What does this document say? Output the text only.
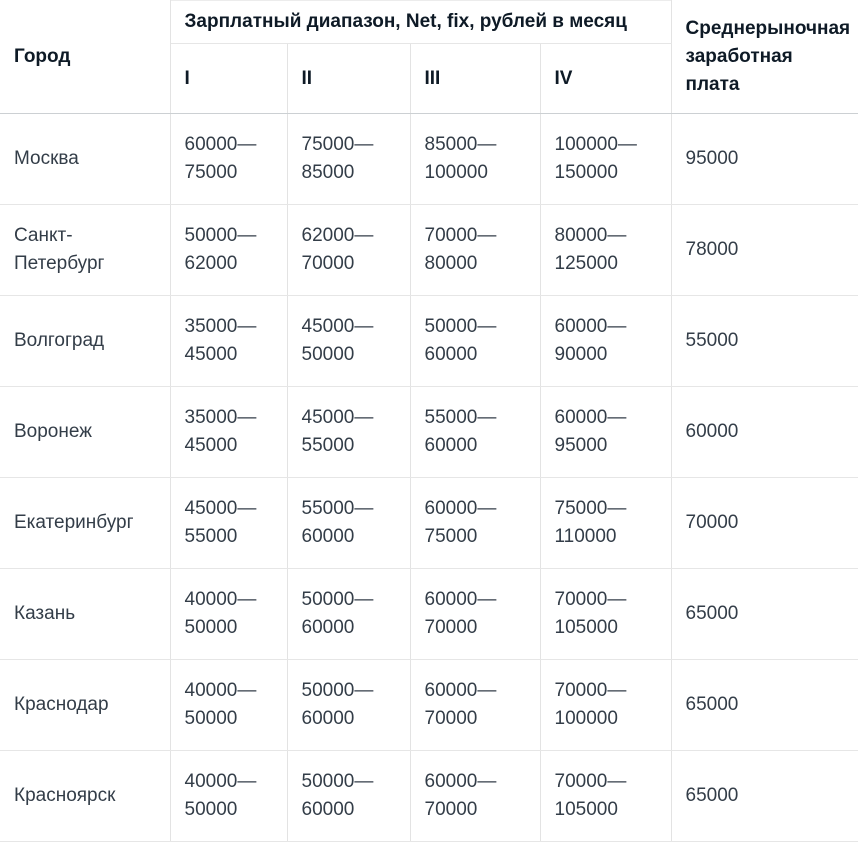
Город	Зарплатный диапазон, Net, fix, рублей в месяц				Среднерыночная заработная плата
	I	II	III	IV	
Москва	60000—75000	75000—85000	85000—100000	100000—150000	95000
Санкт-Петербург	50000—62000	62000—70000	70000—80000	80000—125000	78000
Волгоград	35000—45000	45000—50000	50000—60000	60000—90000	55000
Воронеж	35000—45000	45000—55000	55000—60000	60000—95000	60000
Екатеринбург	45000—55000	55000—60000	60000—75000	75000—110000	70000
Казань	40000—50000	50000—60000	60000—70000	70000—105000	65000
Краснодар	40000—50000	50000—60000	60000—70000	70000—100000	65000
Красноярск	40000—50000	50000—60000	60000—70000	70000—105000	65000
